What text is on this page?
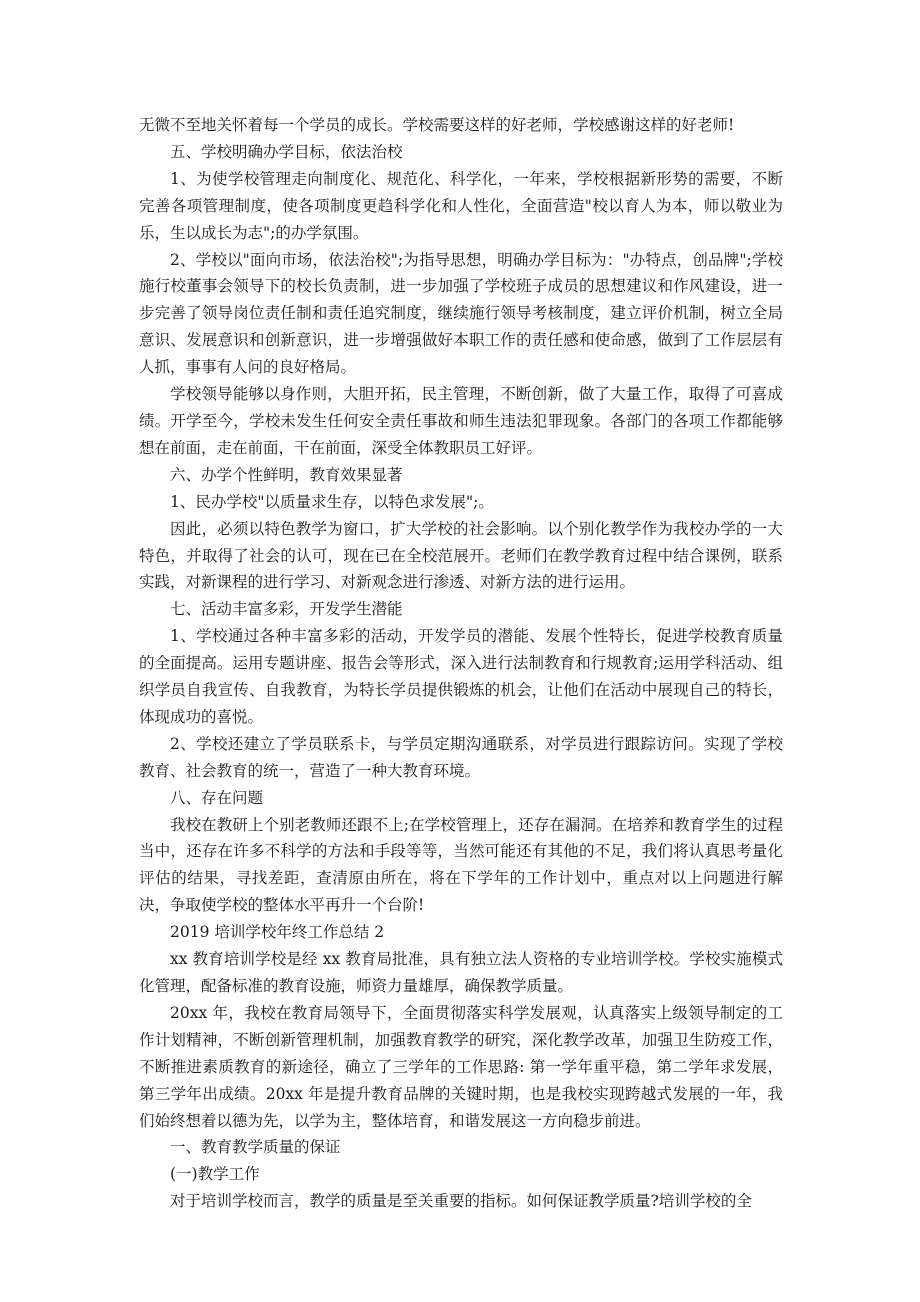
无微不至地关怀着每一个学员的成长。学校需要这样的好老师，学校感谢这样的好老师!

五、学校明确办学目标，依法治校

1、为使学校管理走向制度化、规范化、科学化，一年来，学校根据新形势的需要，不断完善各项管理制度，使各项制度更趋科学化和人性化，全面营造"校以育人为本，师以敬业为乐，生以成长为志";的办学氛围。

2、学校以"面向市场，依法治校";为指导思想，明确办学目标为："办特点，创品牌";学校施行校董事会领导下的校长负责制，进一步加强了学校班子成员的思想建议和作风建设，进一步完善了领导岗位责任制和责任追究制度，继续施行领导考核制度，建立评价机制，树立全局意识、发展意识和创新意识，进一步增强做好本职工作的责任感和使命感，做到了工作层层有人抓，事事有人问的良好格局。

学校领导能够以身作则，大胆开拓，民主管理，不断创新，做了大量工作，取得了可喜成绩。开学至今，学校未发生任何安全责任事故和师生违法犯罪现象。各部门的各项工作都能够想在前面，走在前面，干在前面，深受全体教职员工好评。

六、办学个性鲜明，教育效果显著

1、民办学校"以质量求生存，以特色求发展";。

因此，必须以特色教学为窗口，扩大学校的社会影响。以个别化教学作为我校办学的一大特色，并取得了社会的认可，现在已在全校范展开。老师们在教学教育过程中结合课例，联系实践，对新课程的进行学习、对新观念进行渗透、对新方法的进行运用。

七、活动丰富多彩，开发学生潜能

1、学校通过各种丰富多彩的活动，开发学员的潜能、发展个性特长，促进学校教育质量的全面提高。运用专题讲座、报告会等形式，深入进行法制教育和行规教育;运用学科活动、组织学员自我宣传、自我教育，为特长学员提供锻炼的机会，让他们在活动中展现自己的特长，体现成功的喜悦。

2、学校还建立了学员联系卡，与学员定期沟通联系，对学员进行跟踪访问。实现了学校教育、社会教育的统一，营造了一种大教育环境。

八、存在问题

我校在教研上个别老教师还跟不上;在学校管理上，还存在漏洞。在培养和教育学生的过程当中，还存在许多不科学的方法和手段等等，当然可能还有其他的不足，我们将认真思考量化评估的结果，寻找差距，查清原由所在，将在下学年的工作计划中，重点对以上问题进行解决，争取使学校的整体水平再升一个台阶!

2019 培训学校年终工作总结 2

xx 教育培训学校是经 xx 教育局批准，具有独立法人资格的专业培训学校。学校实施模式化管理，配备标准的教育设施，师资力量雄厚，确保教学质量。

20xx 年，我校在教育局领导下，全面贯彻落实科学发展观，认真落实上级领导制定的工作计划精神，不断创新管理机制，加强教育教学的研究，深化教学改革，加强卫生防疫工作，不断推进素质教育的新途径，确立了三学年的工作思路: 第一学年重平稳，第二学年求发展，第三学年出成绩。20xx 年是提升教育品牌的关键时期，也是我校实现跨越式发展的一年，我们始终想着以德为先，以学为主，整体培育，和谐发展这一方向稳步前进。

一、教育教学质量的保证

(一)教学工作

对于培训学校而言，教学的质量是至关重要的指标。如何保证教学质量?培训学校的全
